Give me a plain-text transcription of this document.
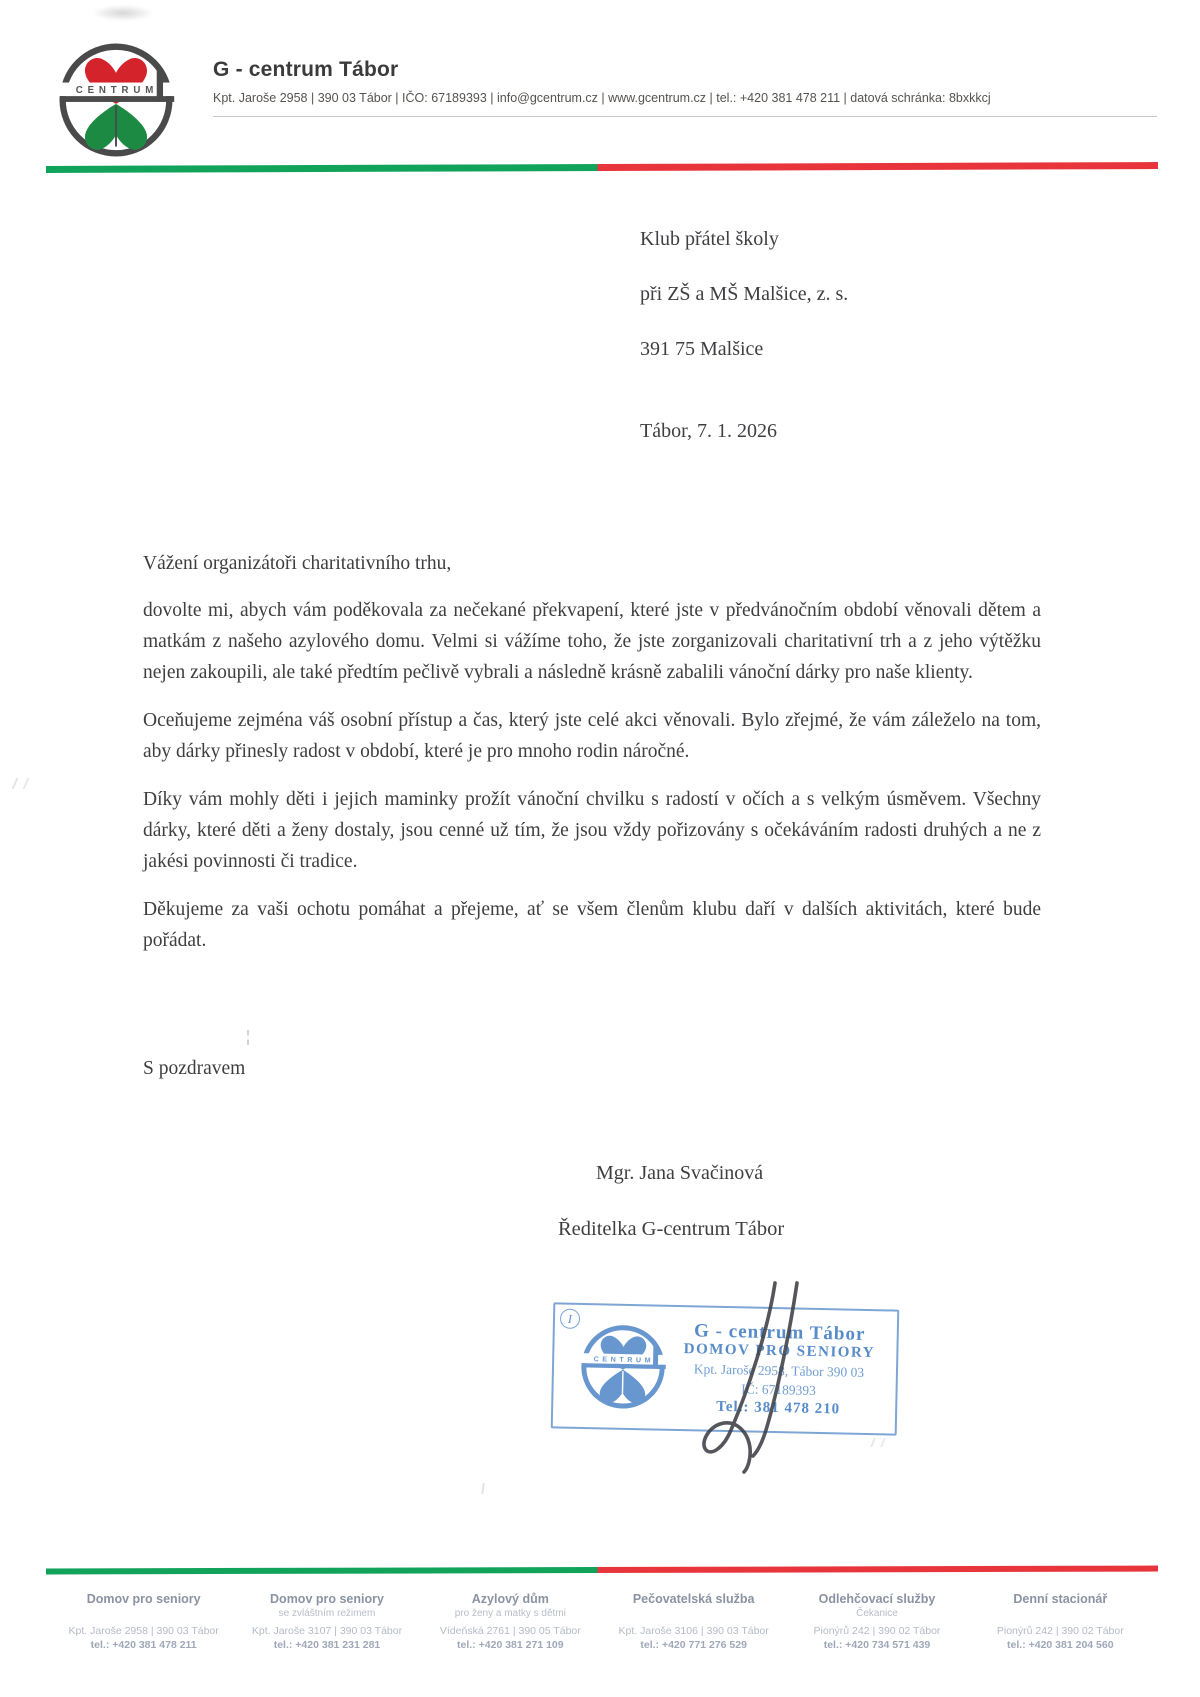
CENTRUM
G - centrum Tábor
Kpt. Jaroše 2958 | 390 03 Tábor | IČO: 67189393 | info@gcentrum.cz | www.gcentrum.cz | tel.: +420 381 478 211 | datová schránka: 8bxkkcj
Klub přátel školy
při ZŠ a MŠ Malšice, z. s.
391 75 Malšice
Tábor, 7. 1. 2026

Vážení organizátoři charitativního trhu,

dovolte mi, abych vám poděkovala za nečekané překvapení, které jste v předvánočním období věnovali dětem a matkám z našeho azylového domu. Velmi si vážíme toho, že jste zorganizovali charitativní trh a z jeho výtěžku nejen zakoupili, ale také předtím pečlivě vybrali a následně krásně zabalili vánoční dárky pro naše klienty.

Oceňujeme zejména váš osobní přístup a čas, který jste celé akci věnovali. Bylo zřejmé, že vám záleželo na tom, aby dárky přinesly radost v období, které je pro mnoho rodin náročné.

Díky vám mohly děti i jejich maminky prožít vánoční chvilku s radostí v očích a s velkým úsměvem. Všechny dárky, které děti a ženy dostaly, jsou cenné už tím, že jsou vždy pořizovány s očekáváním radosti druhých a ne z jakési povinnosti či tradice.

Děkujeme za vaši ochotu pomáhat a přejeme, ať se všem členům klubu daří v dalších aktivitách, které bude pořádat.

S pozdravem
Mgr. Jana Svačinová
Ředitelka G-centrum Tábor
I
CENTRUM
G - centrum Tábor
DOMOV PRO SENIORY
Kpt. Jaroše 2958, Tábor 390 03
IČ: 67189393
Tel.: 381 478 210
Domov pro seniory
Kpt. Jaroše 2958 | 390 03 Tábor
tel.: +420 381 478 211
Domov pro seniory
se zvláštním režimem
Kpt. Jaroše 3107 | 390 03 Tábor
tel.: +420 381 231 281
Azylový dům
pro ženy a matky s dětmi
Vídeňská 2761 | 390 05 Tábor
tel.: +420 381 271 109
Pečovatelská služba
Kpt. Jaroše 3106 | 390 03 Tábor
tel.: +420 771 276 529
Odlehčovací služby
Čekanice
Pionýrů 242 | 390 02 Tábor
tel.: +420 734 571 439
Denní stacionář
Pionýrů 242 | 390 02 Tábor
tel.: +420 381 204 560
